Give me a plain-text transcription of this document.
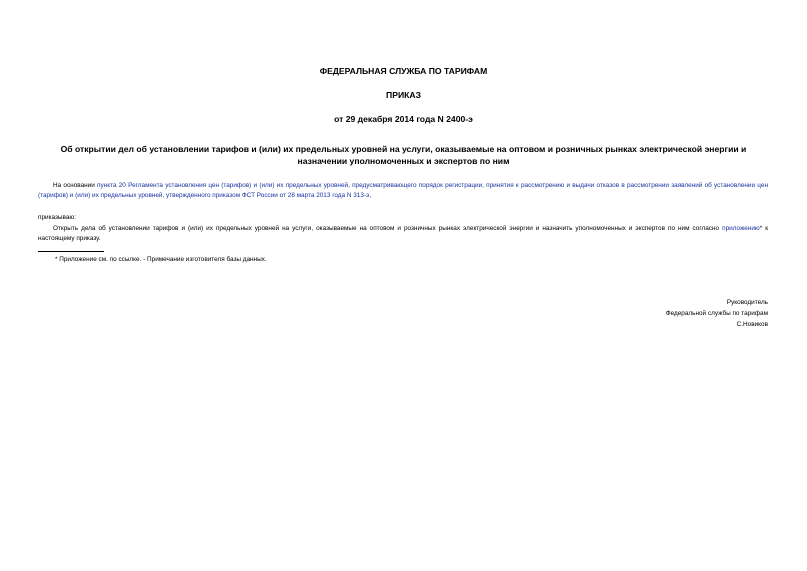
ФЕДЕРАЛЬНАЯ СЛУЖБА ПО ТАРИФАМ
ПРИКАЗ
от 29 декабря 2014 года N 2400-э
Об открытии дел об установлении тарифов и (или) их предельных уровней на услуги, оказываемые на оптовом и розничных рынках электрической энергии и назначении уполномоченных и экспертов по ним
На основании пункта 20 Регламента установления цен (тарифов) и (или) их предельных уровней, предусматривающего порядок регистрации, принятия к рассмотрению и выдачи отказов в рассмотрении заявлений об установлении цен (тарифов) и (или) их предельных уровней, утвержденного приказом ФСТ России от 28 марта 2013 года N 313-э,
приказываю:
Открыть дела об установлении тарифов и (или) их предельных уровней на услуги, оказываемые на оптовом и розничных рынках электрической энергии и назначить уполномоченных и экспертов по ним согласно приложению* к настоящему приказу.
* Приложение см. по ссылке. - Примечание изготовителя базы данных.
Руководитель
Федеральной службы по тарифам
С.Новиков
